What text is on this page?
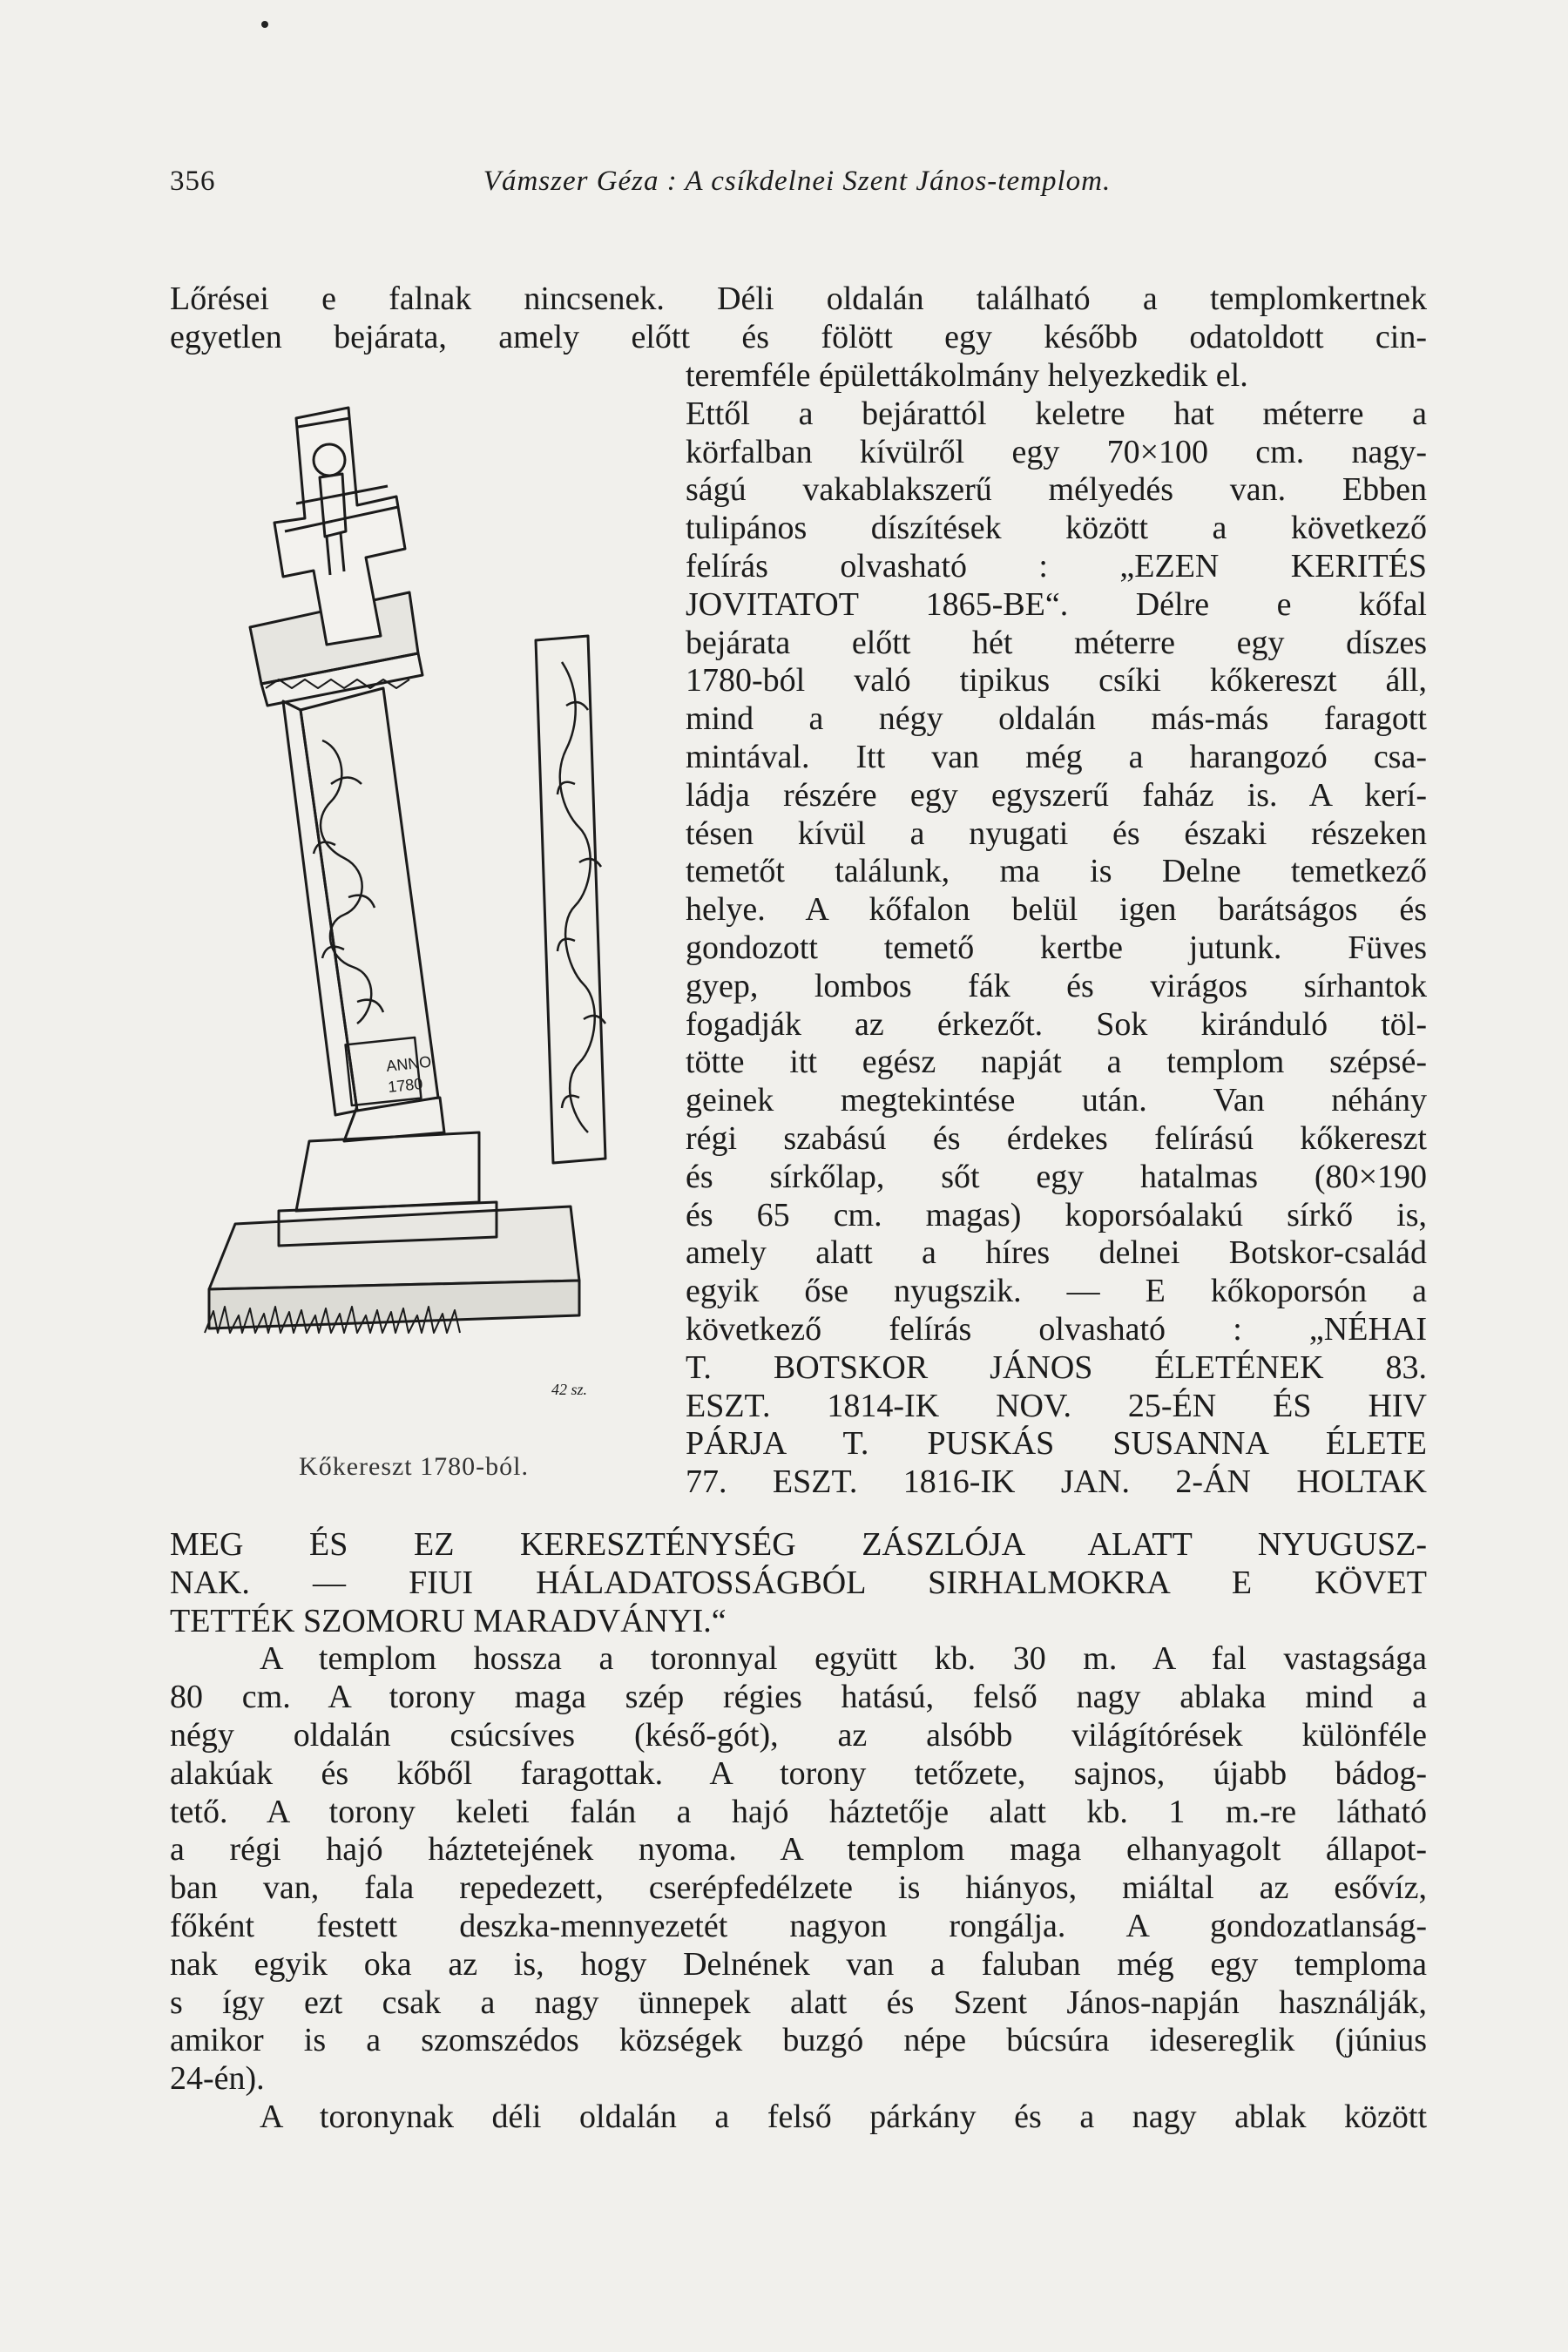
356	Vámszer Géza : A csíkdelnei Szent János-templom.
Lőrései e falnak nincsenek. Déli oldalán található a templomkertnek
egyetlen bejárata, amely előtt és fölött egy később odatoldott cin-
teremféle épülettákolmány helyezkedik el.
Ettől a bejárattól keletre hat méterre a
körfalban kívülről egy 70×100 cm. nagy-
ságú vakablakszerű mélyedés van. Ebben
tulipános díszítések között a következő
felírás olvasható : „EZEN KERITÉS
JOVITATOT 1865-BE“. Délre e kőfal
bejárata előtt hét méterre egy díszes
1780-ból való tipikus csíki kőkereszt áll,
mind a négy oldalán más-más faragott
mintával. Itt van még a harangozó csa-
ládja részére egy egyszerű faház is. A kerí-
tésen kívül a nyugati és északi részeken
temetőt találunk, ma is Delne temetkező
helye. A kőfalon belül igen barátságos és
gondozott temető kertbe jutunk. Füves
gyep, lombos fák és virágos sírhantok
fogadják az érkezőt. Sok kiránduló töl-
tötte itt egész napját a templom szépsé-
geinek megtekintése után. Van néhány
régi szabású és érdekes felírású kőkereszt
és sírkőlap, sőt egy hatalmas (80×190
és 65 cm. magas) koporsóalakú sírkő is,
amely alatt a híres delnei Botskor-család
egyik őse nyugszik. — E kőkoporsón a
következő felírás olvasható : „NÉHAI
T. BOTSKOR JÁNOS ÉLETÉNEK 83.
ESZT. 1814-IK NOV. 25-ÉN ÉS HIV
PÁRJA T. PUSKÁS SUSANNA ÉLETE
77. ESZT. 1816-IK JAN. 2-ÁN HOLTAK
ANNO
1780
42 sz.
Kőkereszt 1780-ból.
MEG ÉS EZ KERESZTÉNYSÉG ZÁSZLÓJA ALATT NYUGUSZ-
NAK. — FIUI HÁLADATOSSÁGBÓL SIRHALMOKRA E KÖVET
TETTÉK SZOMORU MARADVÁNYI.“
A templom hossza a toronnyal együtt kb. 30 m. A fal vastagsága
80 cm. A torony maga szép régies hatású, felső nagy ablaka mind a
négy oldalán csúcsíves (késő-gót), az alsóbb világítórések különféle
alakúak és kőből faragottak. A torony tetőzete, sajnos, újabb bádog-
tető. A torony keleti falán a hajó háztetője alatt kb. 1 m.-re látható
a régi hajó háztetejének nyoma. A templom maga elhanyagolt állapot-
ban van, fala repedezett, cserépfedélzete is hiányos, miáltal az esővíz,
főként festett deszka-mennyezetét nagyon rongálja. A gondozatlanság-
nak egyik oka az is, hogy Delnének van a faluban még egy temploma
s így ezt csak a nagy ünnepek alatt és Szent János-napján használják,
amikor is a szomszédos községek buzgó népe búcsúra idesereglik (június
24-én).
A toronynak déli oldalán a felső párkány és a nagy ablak között
